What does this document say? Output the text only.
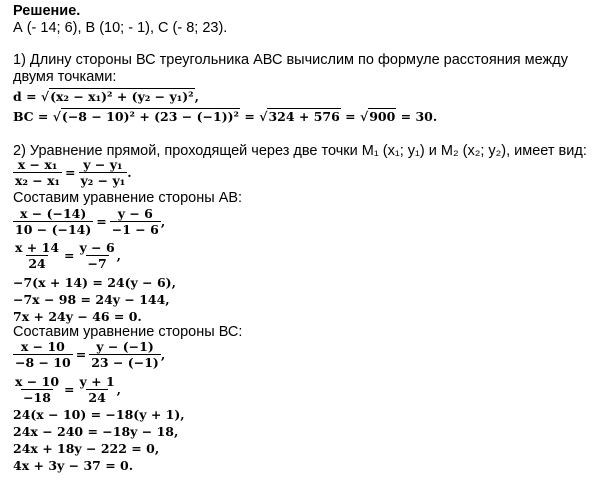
Решение.
А (- 14; 6), В (10; - 1), С (- 8; 23).
1) Длину стороны ВС треугольника АВС вычислим по формуле расстояния между
двумя точками:
d = √(x₂ − x₁)² + (y₂ − y₁)²,
ВС = √(−8 − 10)² + (23 − (−1))² = √324 + 576 = √900 = 30.
2) Уравнение прямой, проходящей через две точки М₁ (x₁; y₁) и М₂ (x₂; y₂), имеет вид:
$\frac{\text{x − x₁}}{\text{x₂ − x₁}} = \frac{\text{y − y₁}}{\text{y₂ − y₁}}$ .
Составим уравнение стороны АВ:
$\frac{x - (-14)}{10 - (-14)} = \frac{y - 6}{-1 - 6}$ ,
$\frac{x + 14}{24} = \frac{y - 6}{-7}$ ,
−7(x + 14) = 24(y − 6),
−7x − 98 = 24y − 144,
7x + 24y − 46 = 0.
Составим уравнение стороны ВС:
$\frac{x - 10}{-8 - 10} = \frac{y - (-1)}{23 - (-1)}$ ,
$\frac{x - 10}{-18} = \frac{y + 1}{24}$ ,
24(x − 10) = −18(y + 1),
24x − 240 = −18y − 18,
24x + 18y − 222 = 0,
4x + 3y − 37 = 0.
